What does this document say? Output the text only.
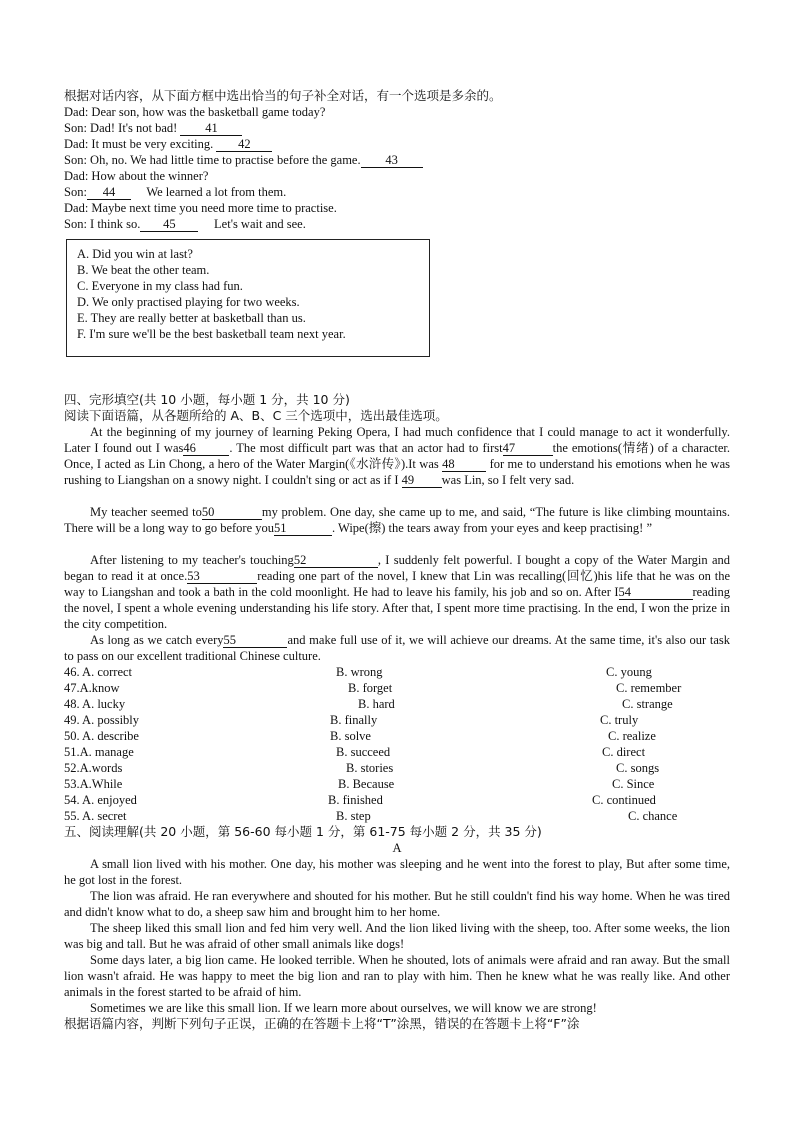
根据对话内容，从下面方框中选出恰当的句子补全对话，有一个选项是多余的。
Dad: Dear son, how was the basketball game today?
Son: Dad! It's not bad! 41
Dad: It must be very exciting. 42
Son: Oh, no. We had little time to practise before the game. 43
Dad: How about the winner?
Son: 44     We learned a lot from them.
Dad: Maybe next time you need more time to practise.
Son: I think so. 45     Let's wait and see.
A. Did you win at last?
B. We beat the other team.
C. Everyone in my class had fun.
D. We only practised playing for two weeks.
E. They are really better at basketball than us.
F. I'm sure we'll be the best basketball team next year.
四、完形填空(共 10 小题，每小题 1 分，共 10 分)
阅读下面语篇，从各题所给的 A、B、C 三个选项中，选出最佳选项。
At the beginning of my journey of learning Peking Opera, I had much confidence that I could manage to act it wonderfully. Later I found out I was46	. The most difficult part was that an actor had to first47	the emotions(情绪) of a character. Once, I acted as Lin Chong, a hero of the Water Margin(《水浒传》).It was 48	for me to understand his emotions when he was rushing to Liangshan on a snowy night. I couldn't sing or act as if I 49 was Lin, so I felt very sad.
My teacher seemed to50	my problem. One day, she came up to me, and said, “The future is like climbing mountains. There will be a long way to go before you51	. Wipe(擦) the tears away from your eyes and keep practising! ”
After listening to my teacher's touching52	, I suddenly felt powerful. I bought a copy of the Water Margin and began to read it at once.53	reading one part of the novel, I knew that Lin was recalling(回忆)his life that he was on the way to Liangshan and took a bath in the cold moonlight. He had to leave his family, his job and so on. After I54	reading the novel, I spent a whole evening understanding his life story. After that, I spent more time practising. In the end, I won the prize in the city competition.
As long as we catch every55	and make full use of it, we will achieve our dreams. At the same time, it's also our task to pass on our excellent traditional Chinese culture.
46. A. correct	B. wrong	C. young
47.A.know	B. forget	C. remember
48. A. lucky	B. hard	C. strange
49. A. possibly	B. finally	C. truly
50. A. describe	B. solve	C. realize
51.A. manage	B. succeed	C. direct
52.A.words	B. stories	C. songs
53.A.While	B. Because	C. Since
54. A. enjoyed	B. finished	C. continued
55. A. secret	B. step	C. chance
五、阅读理解(共 20 小题，第 56-60 每小题 1 分，第 61-75 每小题 2 分，共 35 分)
A
A small lion lived with his mother. One day, his mother was sleeping and he went into the forest to play, But after some time, he got lost in the forest.
The lion was afraid. He ran everywhere and shouted for his mother. But he still couldn't find his way home. When he was tired and didn't know what to do, a sheep saw him and brought him to her home.
The sheep liked this small lion and fed him very well. And the lion liked living with the sheep, too. After some weeks, the lion was big and tall. But he was afraid of other small animals like dogs!
Some days later, a big lion came. He looked terrible. When he shouted, lots of animals were afraid and ran away. But the small lion wasn't afraid. He was happy to meet the big lion and ran to play with him. Then he knew what he was really like. And other animals in the forest started to be afraid of him.
Sometimes we are like this small lion. If we learn more about ourselves, we will know we are strong!
根据语篇内容，判断下列句子正误，正确的在答题卡上将“T”涂黑，错误的在答题卡上将“F”涂
